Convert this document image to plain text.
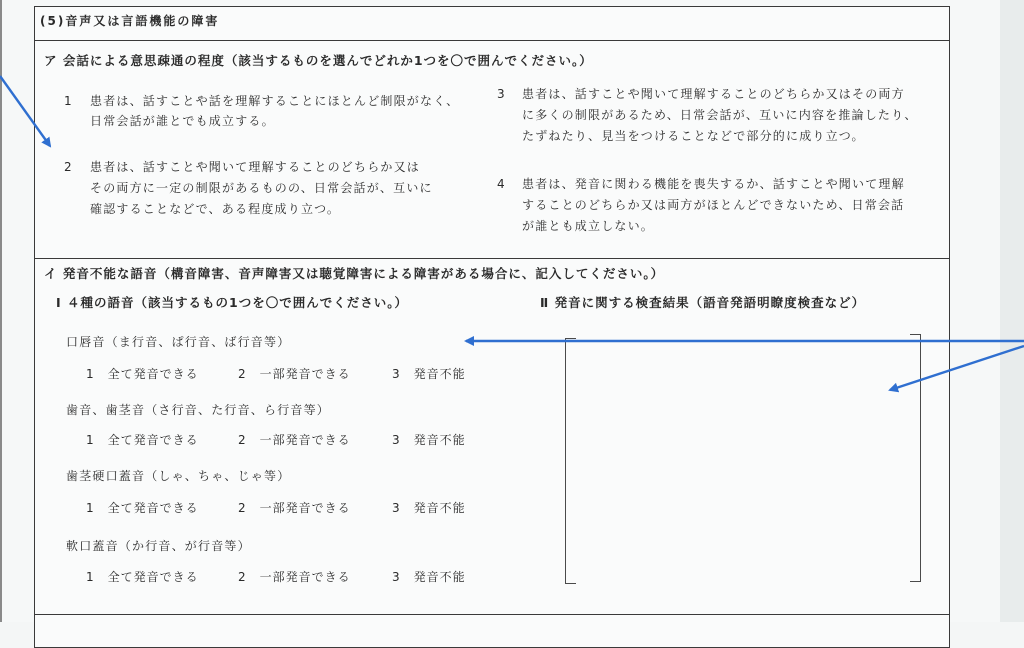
(5)音声又は言語機能の障害
ア 会話による意思疎通の程度（該当するものを選んでどれか1つを〇で囲んでください。）
1 患者は、話すことや話を理解することにほとんど制限がなく、
日常会話が誰とでも成立する。
2 患者は、話すことや聞いて理解することのどちらか又は
その両方に一定の制限があるものの、日常会話が、互いに
確認することなどで、ある程度成り立つ。
3 患者は、話すことや聞いて理解することのどちらか又はその両方
に多くの制限があるため、日常会話が、互いに内容を推論したり、
たずねたり、見当をつけることなどで部分的に成り立つ。
4 患者は、発音に関わる機能を喪失するか、話すことや聞いて理解
することのどちらか又は両方がほとんどできないため、日常会話
が誰とも成立しない。
イ 発音不能な語音（構音障害、音声障害又は聴覚障害による障害がある場合に、記入してください。）
Ⅰ ４種の語音（該当するもの1つを〇で囲んでください。）	Ⅱ 発音に関する検査結果（語音発語明瞭度検査など）
口唇音（ま行音、ぱ行音、ば行音等）
1　全て発音できる	2　一部発音できる	3　発音不能
歯音、歯茎音（さ行音、た行音、ら行音等）
1　全て発音できる	2　一部発音できる	3　発音不能
歯茎硬口蓋音（しゃ、ちゃ、じゃ等）
1　全て発音できる	2　一部発音できる	3　発音不能
軟口蓋音（か行音、が行音等）
1　全て発音できる	2　一部発音できる	3　発音不能
